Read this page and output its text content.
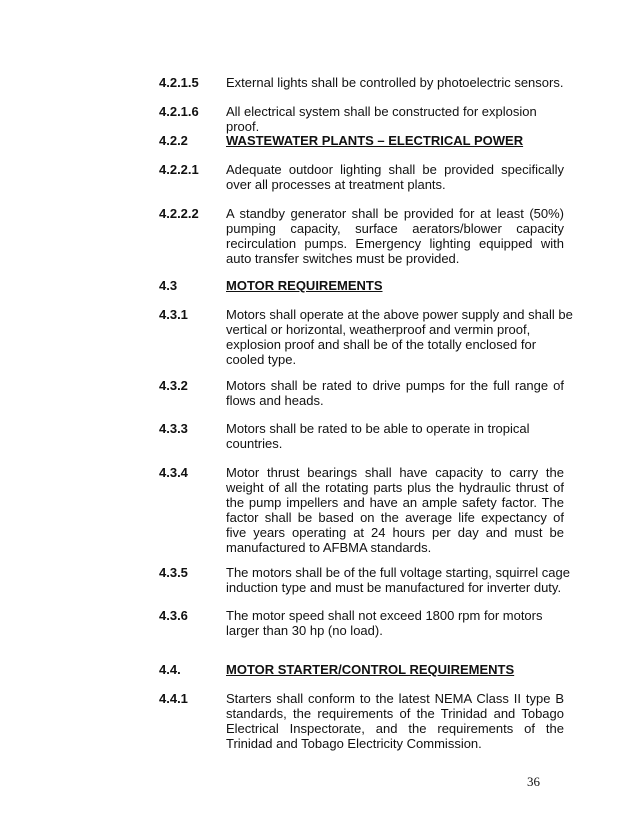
4.2.1.5 External lights shall be controlled by photoelectric sensors.
4.2.1.6 All electrical system shall be constructed for explosion proof.
4.2.2	WASTEWATER PLANTS – ELECTRICAL POWER
4.2.2.1 Adequate outdoor lighting shall be provided specifically over all processes at treatment plants.
4.2.2.2 A standby generator shall be provided for at least (50%) pumping capacity, surface aerators/blower capacity recirculation pumps. Emergency lighting equipped with auto transfer switches must be provided.
4.3	MOTOR REQUIREMENTS
4.3.1	Motors shall operate at the above power supply and shall be
vertical or horizontal, weatherproof and vermin proof,
explosion proof and shall be of the totally enclosed for
cooled type.
4.3.2	Motors shall be rated to drive pumps for the full range of flows and heads.
4.3.3	Motors shall be rated to be able to operate in tropical
countries.
4.3.4	Motor thrust bearings shall have capacity to carry the weight of all the rotating parts plus the hydraulic thrust of the pump impellers and have an ample safety factor. The factor shall be based on the average life expectancy of five years operating at 24 hours per day and must be manufactured to AFBMA standards.
4.3.5	The motors shall be of the full voltage starting, squirrel cage
induction type and must be manufactured for inverter duty.
4.3.6	The motor speed shall not exceed 1800 rpm for motors
larger than 30 hp (no load).
4.4.	MOTOR STARTER/CONTROL REQUIREMENTS
4.4.1	Starters shall conform to the latest NEMA Class II type B standards, the requirements of the Trinidad and Tobago Electrical Inspectorate, and the requirements of the Trinidad and Tobago Electricity Commission.
36
